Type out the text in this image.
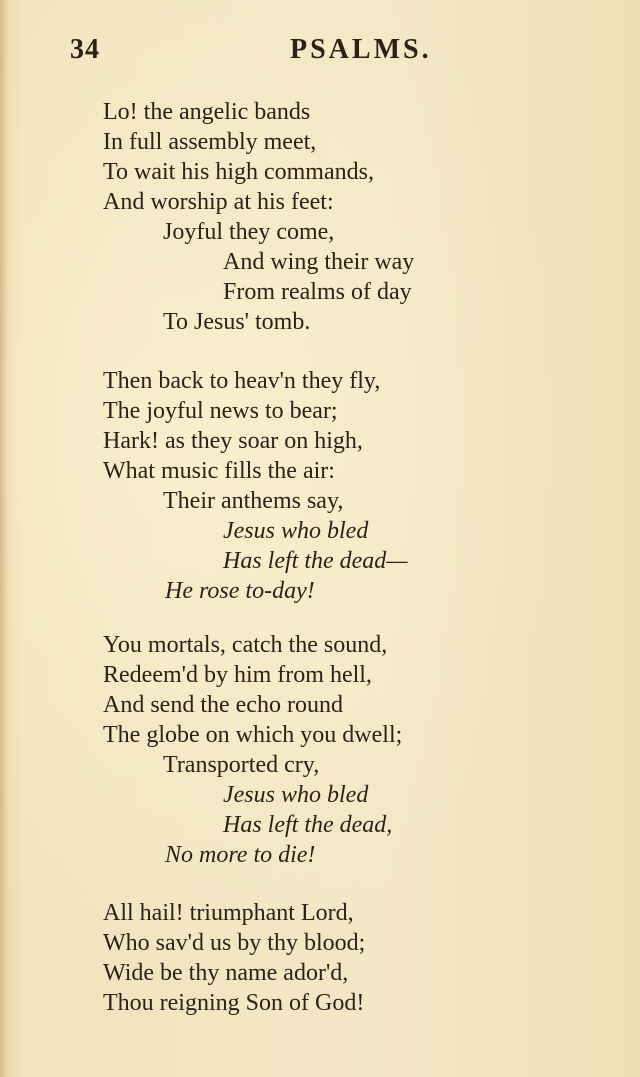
34	PSALMS.
Lo! the angelic bands
In full assembly meet,
To wait his high commands,
And worship at his feet:
Joyful they come,
And wing their way
From realms of day
To Jesus' tomb.
Then back to heav'n they fly,
The joyful news to bear;
Hark! as they soar on high,
What music fills the air:
Their anthems say,
Jesus who bled
Has left the dead—
He rose to-day!
You mortals, catch the sound,
Redeem'd by him from hell,
And send the echo round
The globe on which you dwell;
Transported cry,
Jesus who bled
Has left the dead,
No more to die!
All hail! triumphant Lord,
Who sav'd us by thy blood;
Wide be thy name ador'd,
Thou reigning Son of God!
